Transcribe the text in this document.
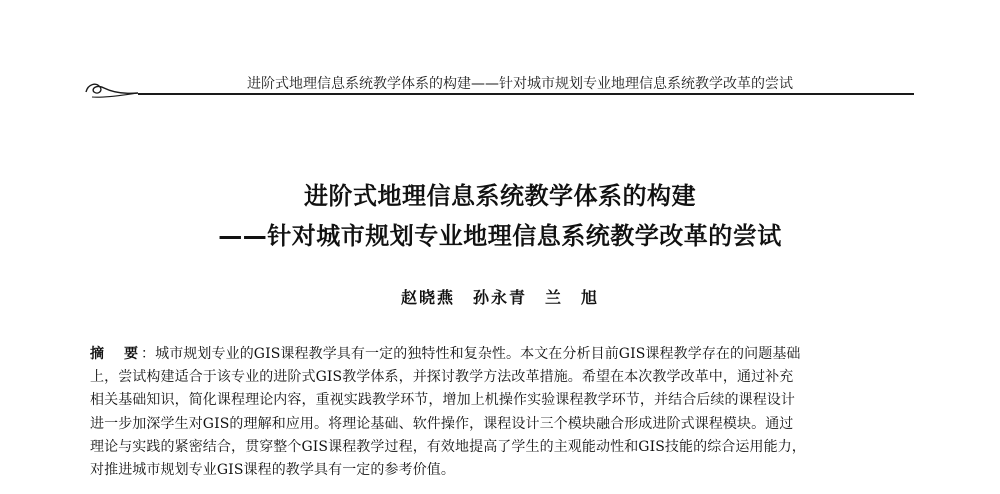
进阶式地理信息系统教学体系的构建——针对城市规划专业地理信息系统教学改革的尝试
进阶式地理信息系统教学体系的构建
——针对城市规划专业地理信息系统教学改革的尝试
赵晓燕　孙永青　兰　旭
摘　要：城市规划专业的GIS课程教学具有一定的独特性和复杂性。本文在分析目前GIS课程教学存在的问题基础
上，尝试构建适合于该专业的进阶式GIS教学体系，并探讨教学方法改革措施。希望在本次教学改革中，通过补充
相关基础知识，简化课程理论内容，重视实践教学环节，增加上机操作实验课程教学环节，并结合后续的课程设计
进一步加深学生对GIS的理解和应用。将理论基础、软件操作，课程设计三个模块融合形成进阶式课程模块。通过
理论与实践的紧密结合，贯穿整个GIS课程教学过程，有效地提高了学生的主观能动性和GIS技能的综合运用能力，
对推进城市规划专业GIS课程的教学具有一定的参考价值。
